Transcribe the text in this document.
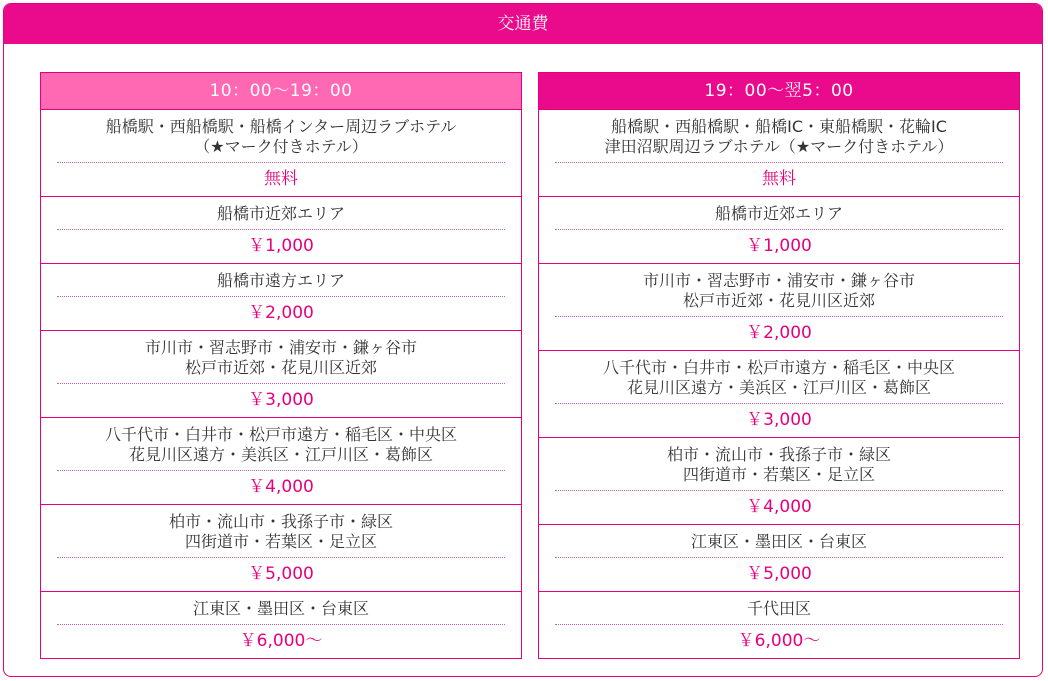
交通費
10：00〜19：00
船橋駅・西船橋駅・船橋インター周辺ラブホテル
（★マーク付きホテル）
無料
船橋市近郊エリア
￥1,000
船橋市遠方エリア
￥2,000
市川市・習志野市・浦安市・鎌ヶ谷市
松戸市近郊・花見川区近郊
￥3,000
八千代市・白井市・松戸市遠方・稲毛区・中央区
花見川区遠方・美浜区・江戸川区・葛飾区
￥4,000
柏市・流山市・我孫子市・緑区
四街道市・若葉区・足立区
￥5,000
江東区・墨田区・台東区
￥6,000〜
19：00〜翌5：00
船橋駅・西船橋駅・船橋IC・東船橋駅・花輪IC
津田沼駅周辺ラブホテル（★マーク付きホテル）
無料
船橋市近郊エリア
￥1,000
市川市・習志野市・浦安市・鎌ヶ谷市
松戸市近郊・花見川区近郊
￥2,000
八千代市・白井市・松戸市遠方・稲毛区・中央区
花見川区遠方・美浜区・江戸川区・葛飾区
￥3,000
柏市・流山市・我孫子市・緑区
四街道市・若葉区・足立区
￥4,000
江東区・墨田区・台東区
￥5,000
千代田区
￥6,000〜
